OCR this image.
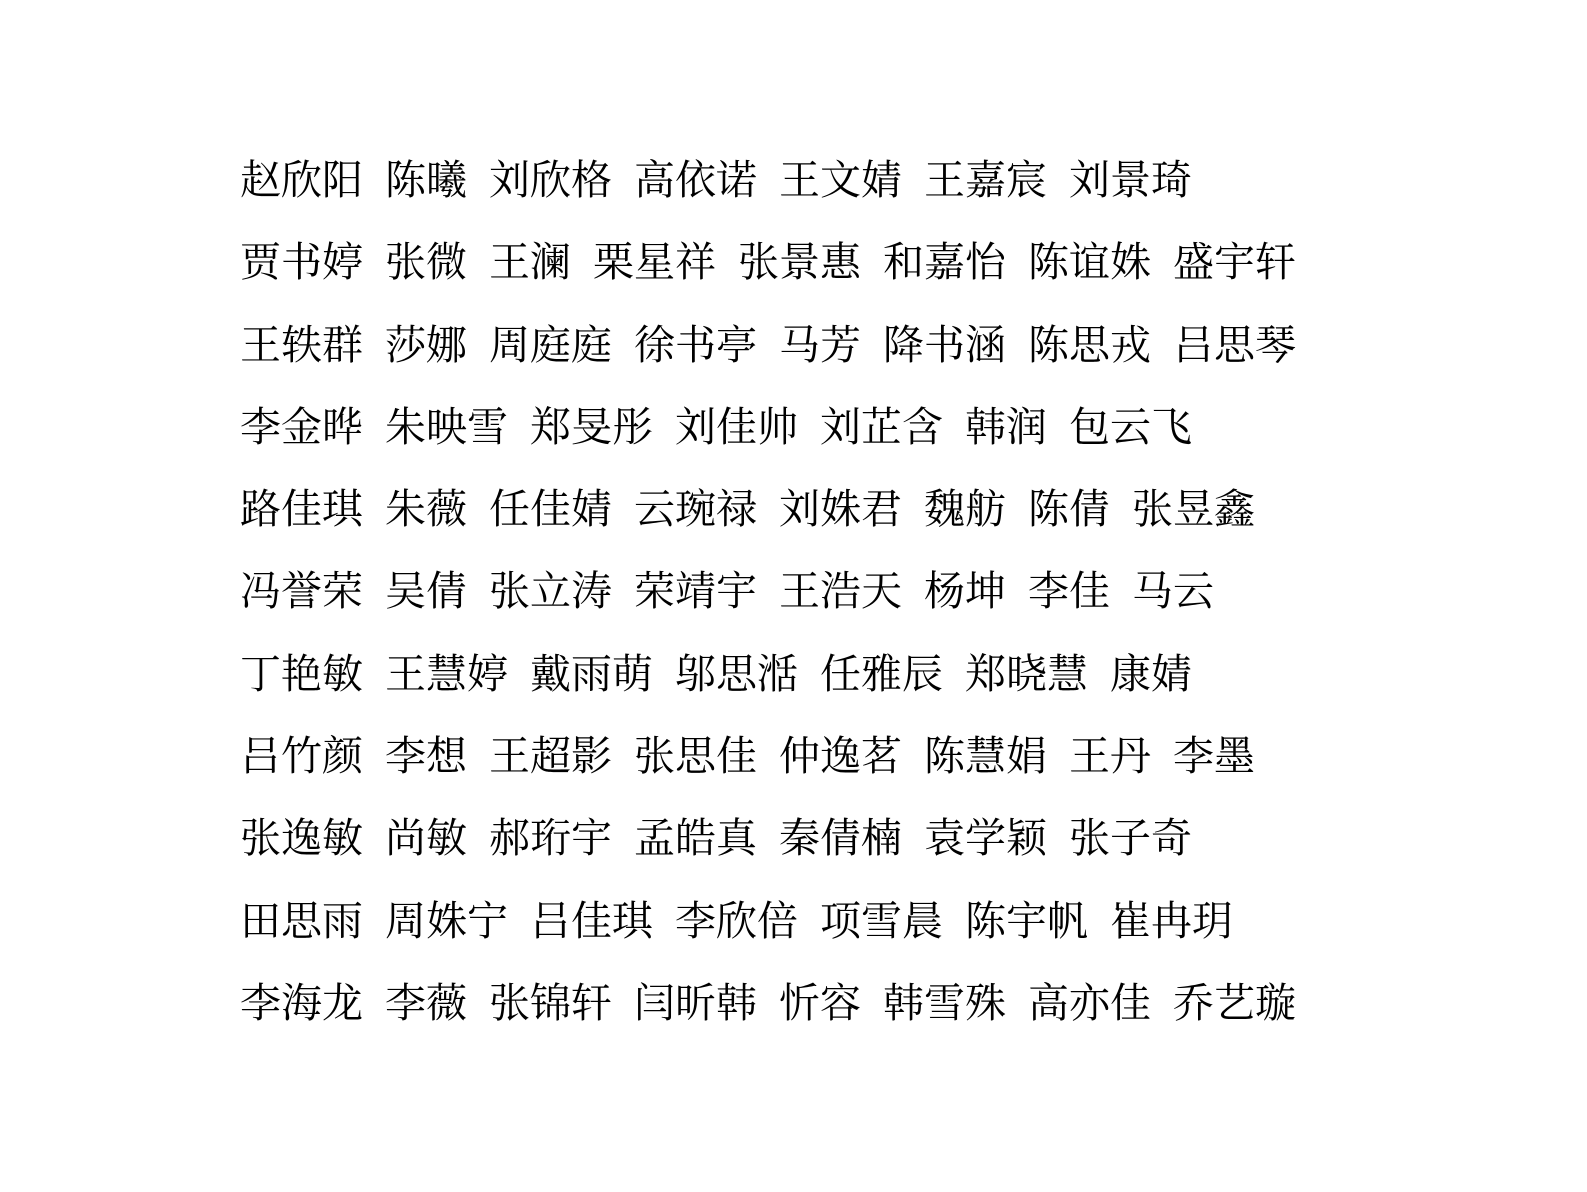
赵欣阳 陈曦 刘欣格 高依诺 王文婧 王嘉宸 刘景琦
贾书婷 张微 王澜 栗星祥 张景惠 和嘉怡 陈谊姝 盛宇轩
王轶群 莎娜 周庭庭 徐书亭 马芳 降书涵 陈思戎 吕思琴
李金晔 朱映雪 郑旻彤 刘佳帅 刘芷含 韩润 包云飞
路佳琪 朱薇 任佳婧 云琬禄 刘姝君 魏舫 陈倩 张昱鑫
冯誉荣 吴倩 张立涛 荣靖宇 王浩天 杨坤 李佳 马云
丁艳敏 王慧婷 戴雨萌 邬思湉 任雅辰 郑晓慧 康婧
吕竹颜 李想 王超影 张思佳 仲逸茗 陈慧娟 王丹 李墨
张逸敏 尚敏 郝珩宇 孟皓真 秦倩楠 袁学颖 张子奇
田思雨 周姝宁 吕佳琪 李欣倍 项雪晨 陈宇帆 崔冉玥
李海龙 李薇 张锦轩 闫昕韩 忻容 韩雪殊 高亦佳 乔艺璇
